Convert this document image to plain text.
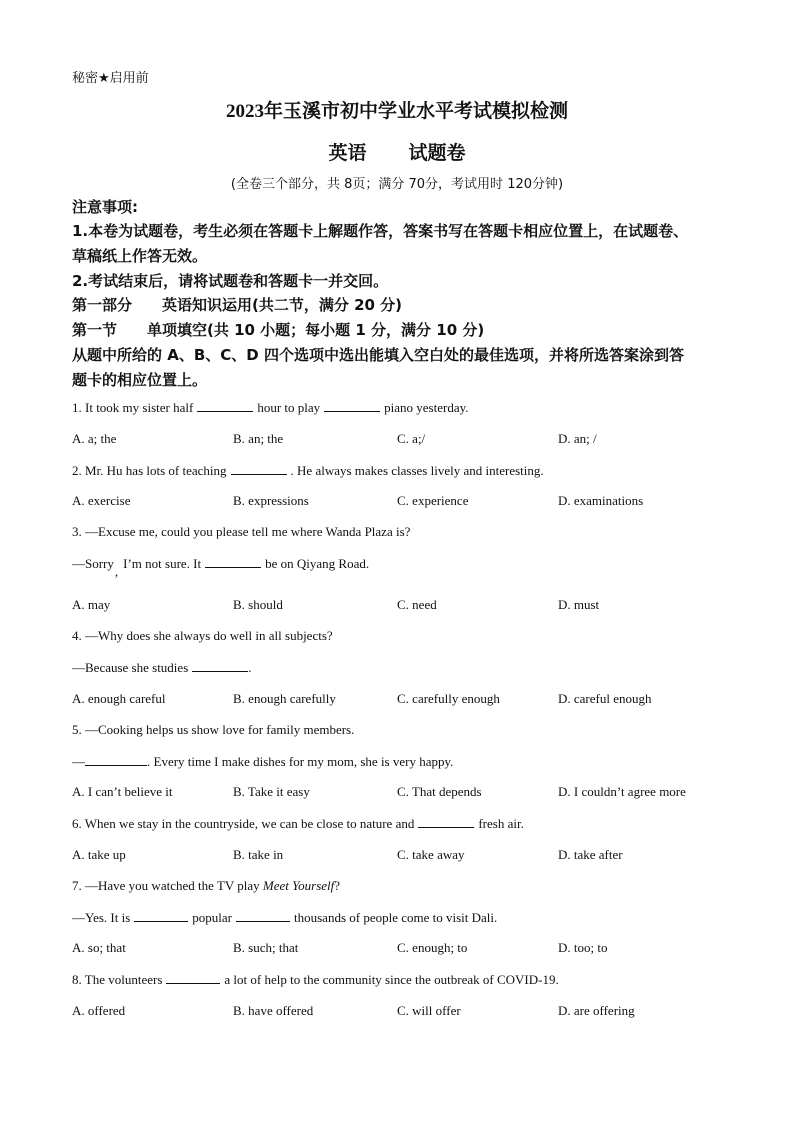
秘密★启用前
2023年玉溪市初中学业水平考试模拟检测
英语 试题卷
(全卷三个部分，共 8页；满分 70分，考试用时 120分钟)
注意事项:
1.本卷为试题卷，考生必须在答题卡上解题作答，答案书写在答题卡相应位置上，在试题卷、
草稿纸上作答无效。
2.考试结束后，请将试题卷和答题卡一并交回。
第一部分　　英语知识运用(共二节，满分 20 分)
第一节　　单项填空(共 10 小题；每小题 1 分，满分 10 分)
从题中所给的 A、B、C、D 四个选项中选出能填入空白处的最佳选项，并将所选答案涂到答
题卡的相应位置上。
1. It took my sister half	hour to play	piano yesterday.
A. a; the	B. an; the	C. a;/	D. an; /
2. Mr. Hu has lots of teaching	. He always makes classes lively and interesting.
A. exercise	B. expressions	C. experience	D. examinations
3. —Excuse me, could you please tell me where Wanda Plaza is?
—Sorry,I’m not sure. It	be on Qiyang Road.
A. may	B. should	C. need	D. must
4. —Why does she always do well in all subjects?
—Because she studies	.
A. enough careful	B. enough carefully	C. carefully enough	D. careful enough
5. —Cooking helps us show love for family members.
—	. Every time I make dishes for my mom, she is very happy.
A. I can’t believe it	B. Take it easy	C. That depends	D. I couldn’t agree more
6. When we stay in the countryside, we can be close to nature and	fresh air.
A. take up	B. take in	C. take away	D. take after
7. —Have you watched the TV play Meet Yourself?
—Yes. It is	popular	thousands of people come to visit Dali.
A. so; that	B. such; that	C. enough; to	D. too; to
8. The volunteers	a lot of help to the community since the outbreak of COVID-19.
A. offered	B. have offered	C. will offer	D. are offering
